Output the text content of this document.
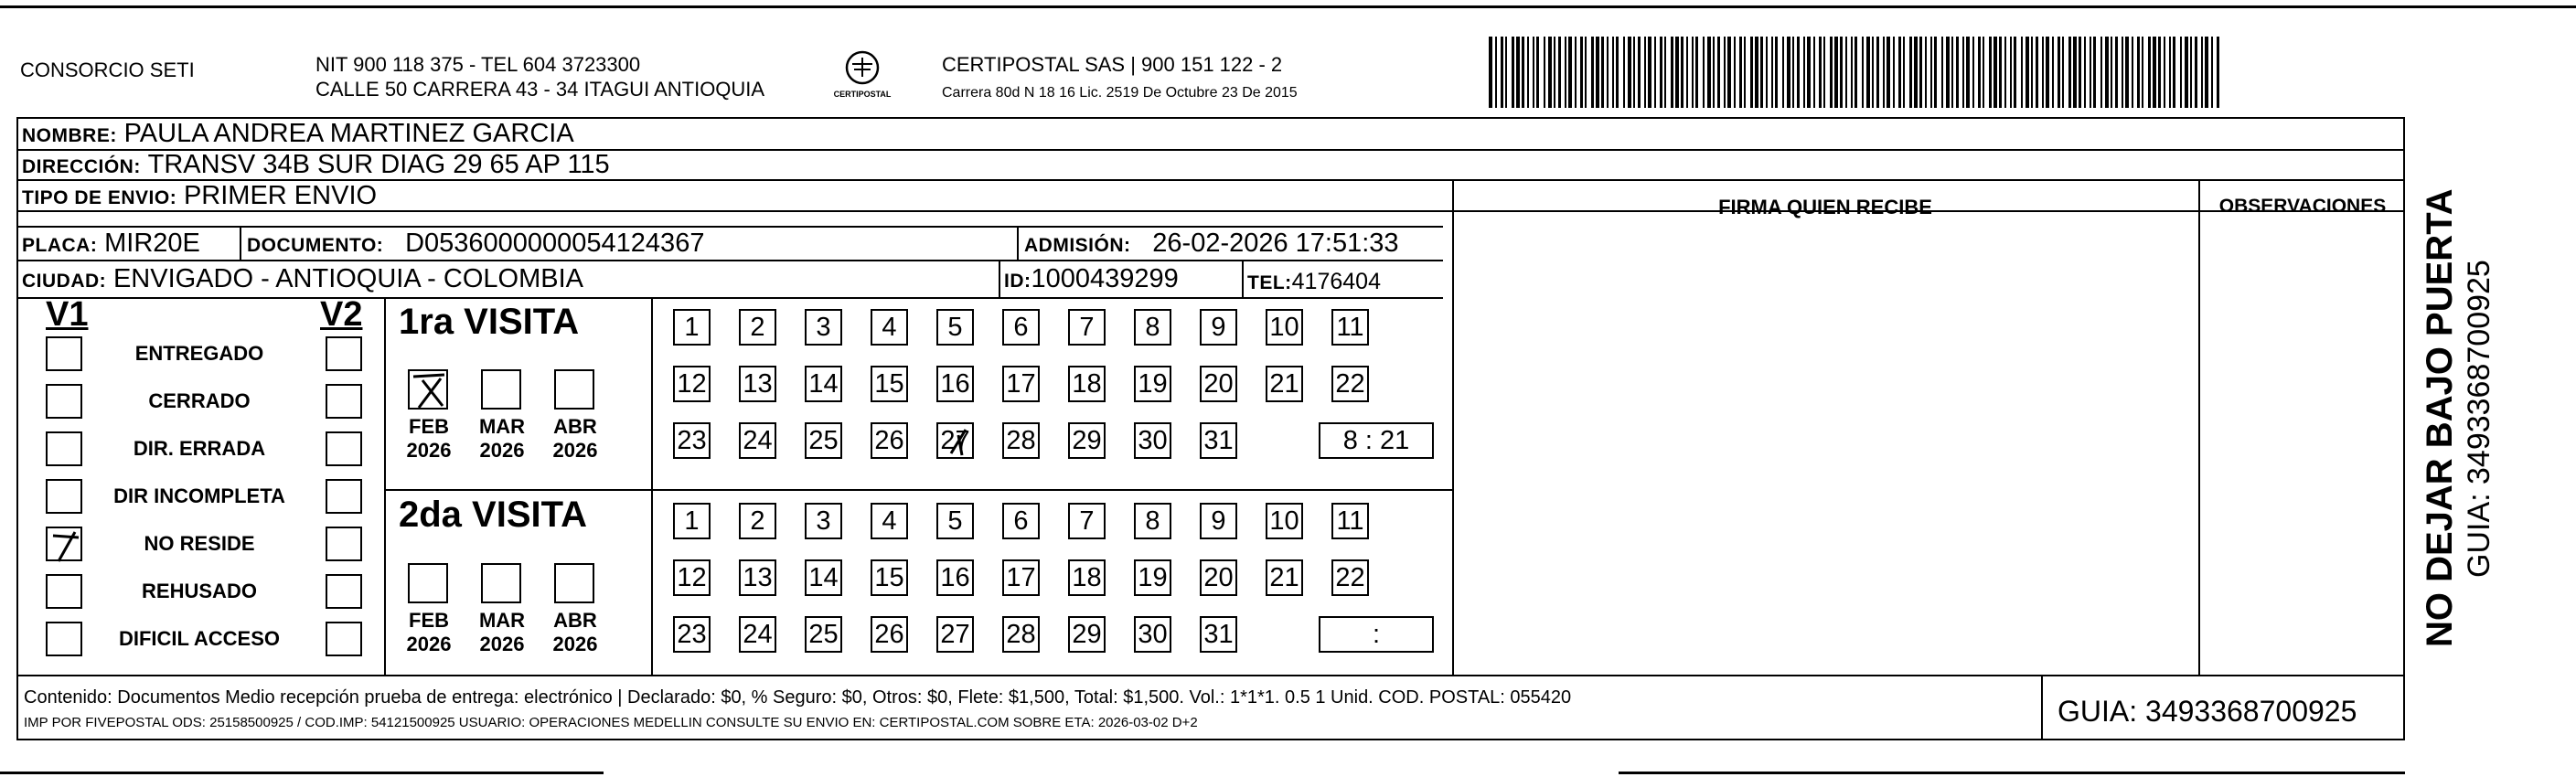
CONSORCIO SETI	NIT 900 118 375 - TEL 604 3723300
CALLE 50 CARRERA 43 - 34 ITAGUI ANTIOQUIA	CERTIPOSTAL
CERTIPOSTAL SAS | 900 151 122 - 2
Carrera 80d N 18 16 Lic. 2519 De Octubre 23 De 2015
FIRMA QUIEN RECIBE	OBSERVACIONES
NOMBRE: PAULA ANDREA MARTINEZ GARCIA
DIRECCIÓN: TRANSV 34B SUR DIAG 29 65 AP 115
TIPO DE ENVIO: PRIMER ENVIO
PLACA: MIR20E DOCUMENTO: D0536000000054124367	ADMISIÓN: 26-02-2026 17:51:33
CIUDAD: ENVIGADO - ANTIOQUIA - COLOMBIA	ID:1000439299	TEL:4176404
V1	V2
ENTREGADO
CERRADO
DIR. ERRADA
DIR INCOMPLETA
NO RESIDE
REHUSADO
DIFICIL ACCESO
1ra VISITA
FEB
2026
MAR
2026
ABR
2026
1	2	3	4	5	6	7	8	9	10 11
12 13 14 15 16 17 18 19 20 21 22
23 24 25 26 27 28 29 30 31	8 : 21
2da VISITA
FEB
2026
MAR
2026
ABR
2026
1	2	3	4	5	6	7	8	9	10 11
12 13 14 15 16 17 18 19 20 21 22
23 24 25 26 27 28 29 30 31	:
Contenido: Documentos Medio recepción prueba de entrega: electrónico | Declarado: $0, % Seguro: $0, Otros: $0, Flete: $1,500, Total: $1,500. Vol.: 1*1*1. 0.5 1 Unid. COD. POSTAL: 055420
IMP POR FIVEPOSTAL ODS: 25158500925 / COD.IMP: 54121500925 USUARIO: OPERACIONES MEDELLIN CONSULTE SU ENVIO EN: CERTIPOSTAL.COM SOBRE ETA: 2026-03-02 D+2	GUIA: 3493368700925
NO DEJAR BAJO PUERTA GUIA: 3493368700925
